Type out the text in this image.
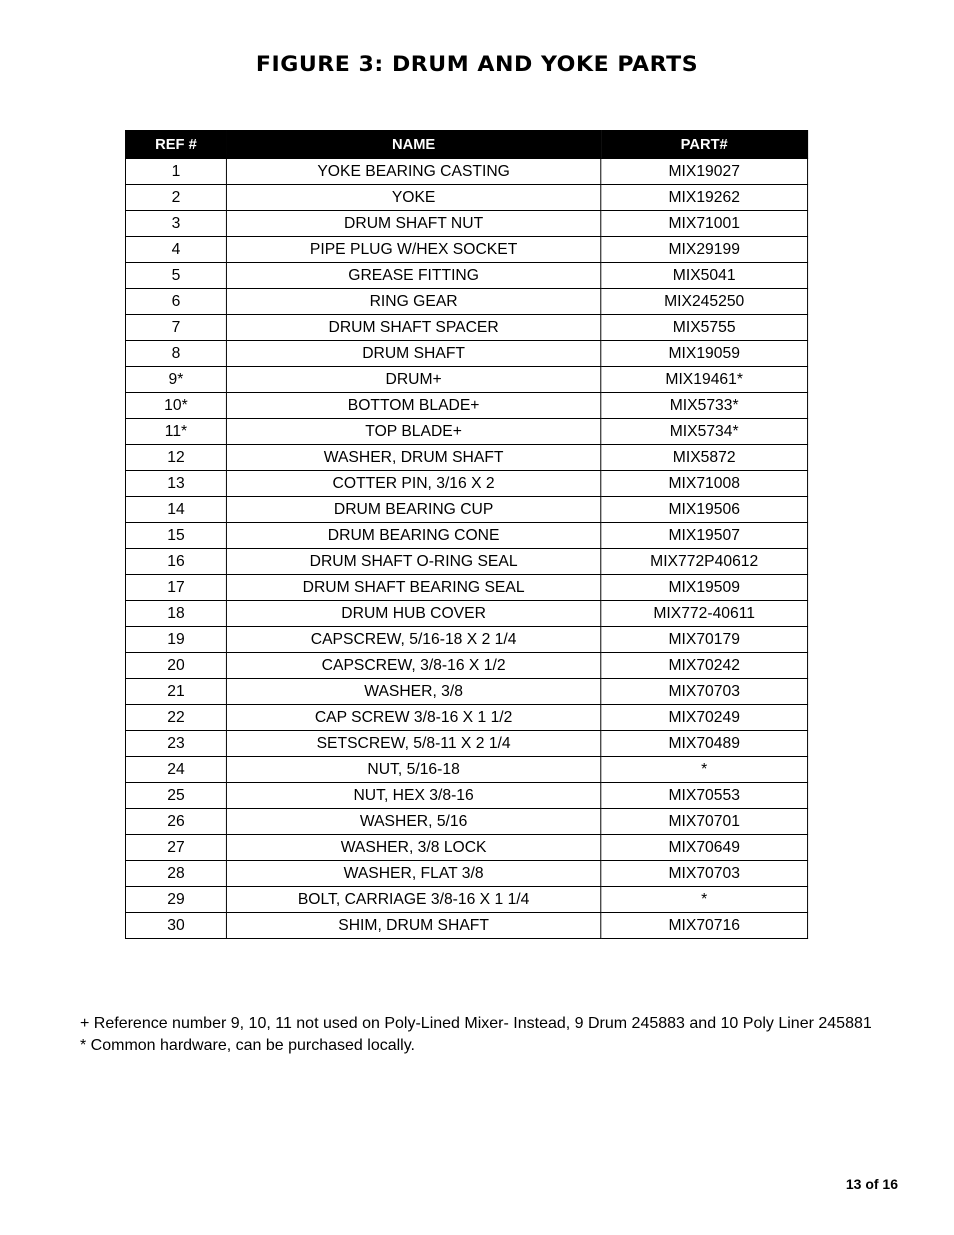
FIGURE 3: DRUM AND YOKE PARTS
REF #	NAME	PART#
1	YOKE BEARING CASTING	MIX19027
2	YOKE	MIX19262
3	DRUM SHAFT NUT	MIX71001
4	PIPE PLUG W/HEX SOCKET	MIX29199
5	GREASE FITTING	MIX5041
6	RING GEAR	MIX245250
7	DRUM SHAFT SPACER	MIX5755
8	DRUM SHAFT	MIX19059
9*	DRUM+	MIX19461*
10*	BOTTOM BLADE+	MIX5733*
11*	TOP BLADE+	MIX5734*
12	WASHER, DRUM SHAFT	MIX5872
13	COTTER PIN, 3/16 X 2	MIX71008
14	DRUM BEARING CUP	MIX19506
15	DRUM BEARING CONE	MIX19507
16	DRUM SHAFT O-RING SEAL	MIX772P40612
17	DRUM SHAFT BEARING SEAL	MIX19509
18	DRUM HUB COVER	MIX772-40611
19	CAPSCREW, 5/16-18 X 2 1/4	MIX70179
20	CAPSCREW, 3/8-16 X 1/2	MIX70242
21	WASHER, 3/8	MIX70703
22	CAP SCREW 3/8-16 X 1 1/2	MIX70249
23	SETSCREW, 5/8-11 X 2 1/4	MIX70489
24	NUT, 5/16-18	*
25	NUT, HEX 3/8-16	MIX70553
26	WASHER, 5/16	MIX70701
27	WASHER, 3/8 LOCK	MIX70649
28	WASHER, FLAT 3/8	MIX70703
29	BOLT, CARRIAGE 3/8-16 X 1 1/4	*
30	SHIM, DRUM SHAFT	MIX70716
+ Reference number 9, 10, 11 not used on Poly-Lined Mixer- Instead, 9 Drum 245883 and 10 Poly Liner 245881
* Common hardware, can be purchased locally.
13 of 16
